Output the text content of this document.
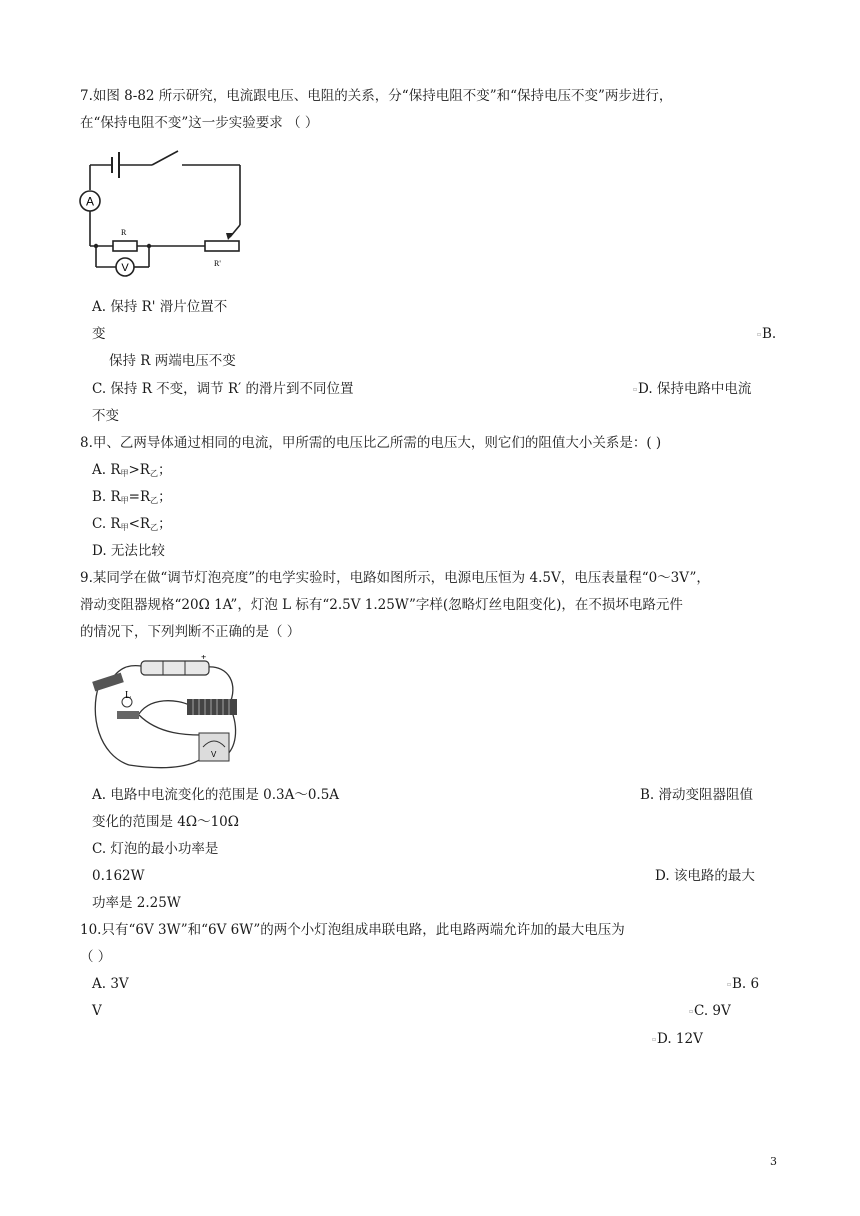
7.如图 8-82 所示研究，电流跟电压、电阻的关系，分“保持电阻不变”和“保持电压不变”两步进行，
在“保持电阻不变”这一步实验要求 （ ）
A
V
R
R'
A. 保持 R' 滑片位置不
变	▫ B.
保持 R 两端电压不变
C. 保持 R 不变，调节 R′ 的滑片到不同位置	▫ D. 保持电路中电流
不变
8.甲、乙两导体通过相同的电流，甲所需的电压比乙所需的电压大，则它们的阻值大小关系是：( )
A. $R_甲>R_乙$；
B. $R_甲=R_乙$；
C. $R_甲<R_乙$；
D. 无法比较
9.某同学在做“调节灯泡亮度”的电学实验时，电路如图所示，电源电压恒为 4.5V，电压表量程“0～3V”，
滑动变阻器规格“20Ω 1A”，灯泡 L 标有“2.5V 1.25W”字样(忽略灯丝电阻变化)，在不损坏电路元件
的情况下，下列判断不正确的是（ ）
+
L
V
A. 电路中电流变化的范围是 0.3A～0.5A	B. 滑动变阻器阻值
变化的范围是 4Ω～10Ω
C. 灯泡的最小功率是
0.162W	D. 该电路的最大
功率是 2.25W
10.只有“6V 3W”和“6V 6W”的两个小灯泡组成串联电路，此电路两端允许加的最大电压为
（ ）
A. 3V	▫ B. 6
V	▫ C. 9V
▫ D. 12V
3
